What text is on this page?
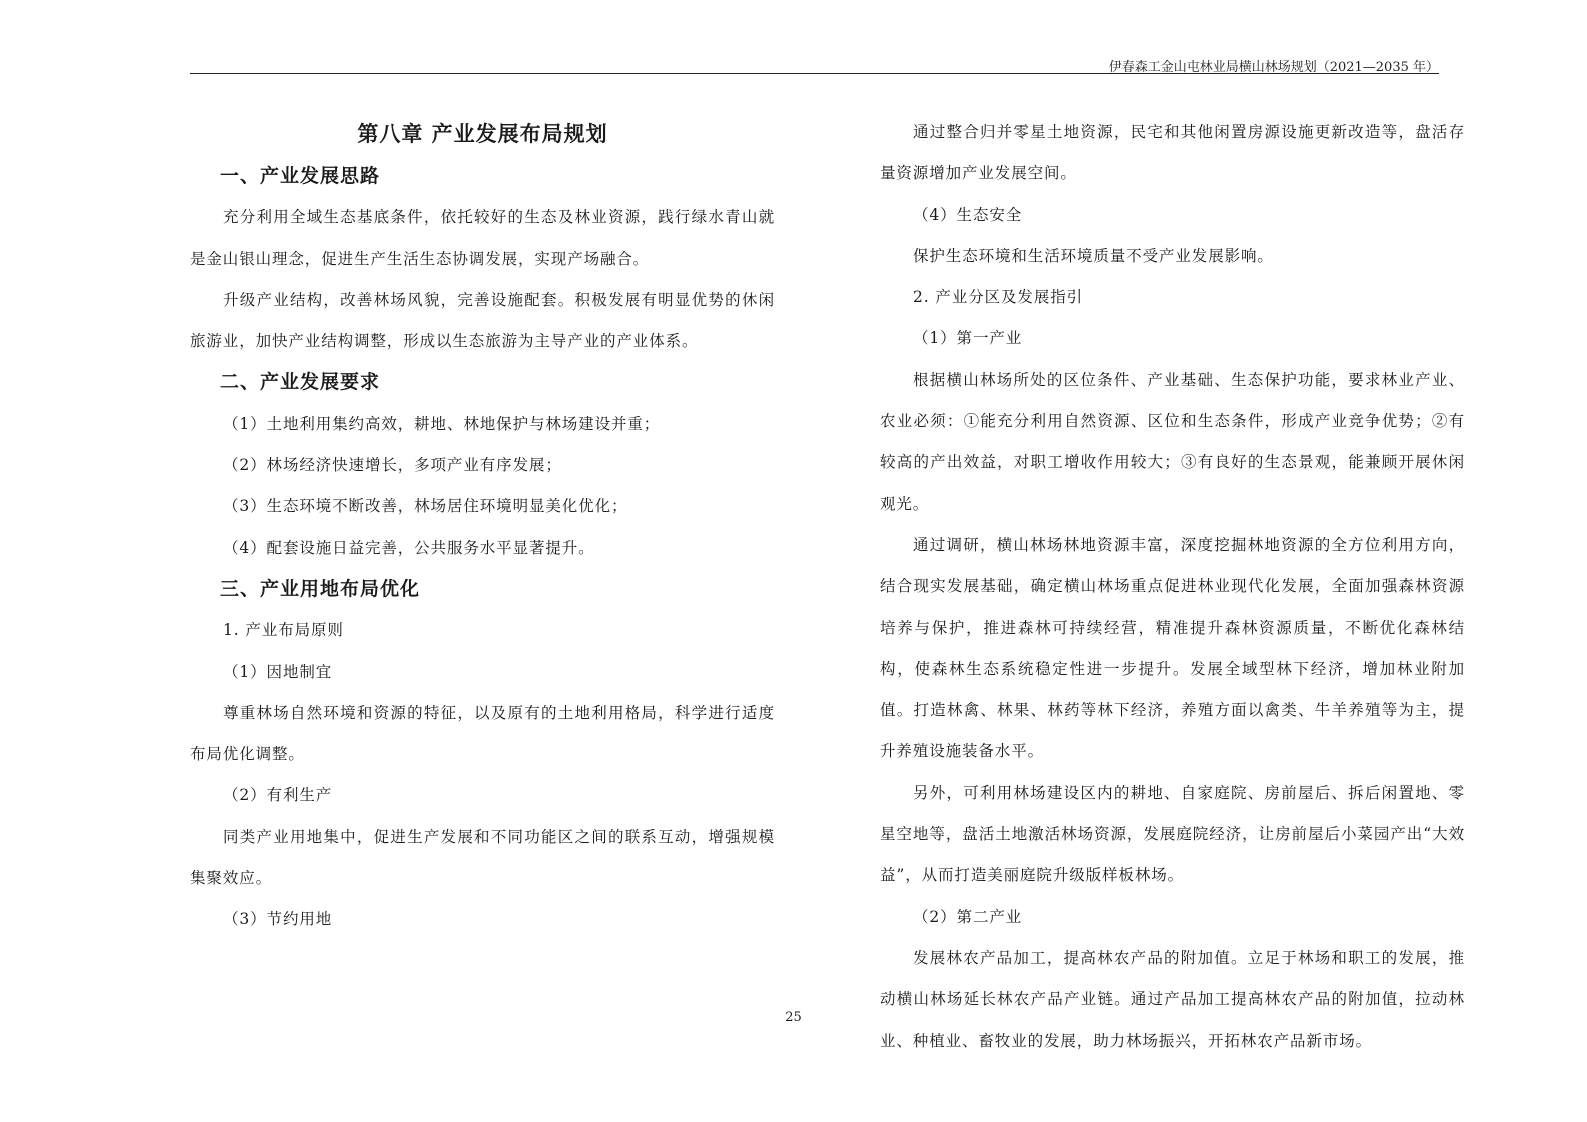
伊春森工金山屯林业局横山林场规划（2021—2035 年）
第八章 产业发展布局规划
一、产业发展思路

充分利用全域生态基底条件，依托较好的生态及林业资源，践行绿水青山就是金山银山理念，促进生产生活生态协调发展，实现产场融合。

升级产业结构，改善林场风貌，完善设施配套。积极发展有明显优势的休闲旅游业，加快产业结构调整，形成以生态旅游为主导产业的产业体系。

二、产业发展要求

（1）土地利用集约高效，耕地、林地保护与林场建设并重；

（2）林场经济快速增长，多项产业有序发展；

（3）生态环境不断改善，林场居住环境明显美化优化；

（4）配套设施日益完善，公共服务水平显著提升。

三、产业用地布局优化

1. 产业布局原则

（1）因地制宜

尊重林场自然环境和资源的特征，以及原有的土地利用格局，科学进行适度布局优化调整。

（2）有利生产

同类产业用地集中，促进生产发展和不同功能区之间的联系互动，增强规模集聚效应。

（3）节约用地

通过整合归并零星土地资源，民宅和其他闲置房源设施更新改造等，盘活存量资源增加产业发展空间。

（4）生态安全

保护生态环境和生活环境质量不受产业发展影响。

2. 产业分区及发展指引

（1）第一产业

根据横山林场所处的区位条件、产业基础、生态保护功能，要求林业产业、农业必须：①能充分利用自然资源、区位和生态条件，形成产业竞争优势；②有较高的产出效益，对职工增收作用较大；③有良好的生态景观，能兼顾开展休闲观光。

通过调研，横山林场林地资源丰富，深度挖掘林地资源的全方位利用方向，结合现实发展基础，确定横山林场重点促进林业现代化发展，全面加强森林资源培养与保护，推进森林可持续经营，精准提升森林资源质量，不断优化森林结构，使森林生态系统稳定性进一步提升。发展全域型林下经济，增加林业附加值。打造林禽、林果、林药等林下经济，养殖方面以禽类、牛羊养殖等为主，提升养殖设施装备水平。

另外，可利用林场建设区内的耕地、自家庭院、房前屋后、拆后闲置地、零星空地等，盘活土地激活林场资源，发展庭院经济，让房前屋后小菜园产出“大效益”，从而打造美丽庭院升级版样板林场。

（2）第二产业

发展林农产品加工，提高林农产品的附加值。立足于林场和职工的发展，推动横山林场延长林农产品产业链。通过产品加工提高林农产品的附加值，拉动林业、种植业、畜牧业的发展，助力林场振兴，开拓林农产品新市场。

25
